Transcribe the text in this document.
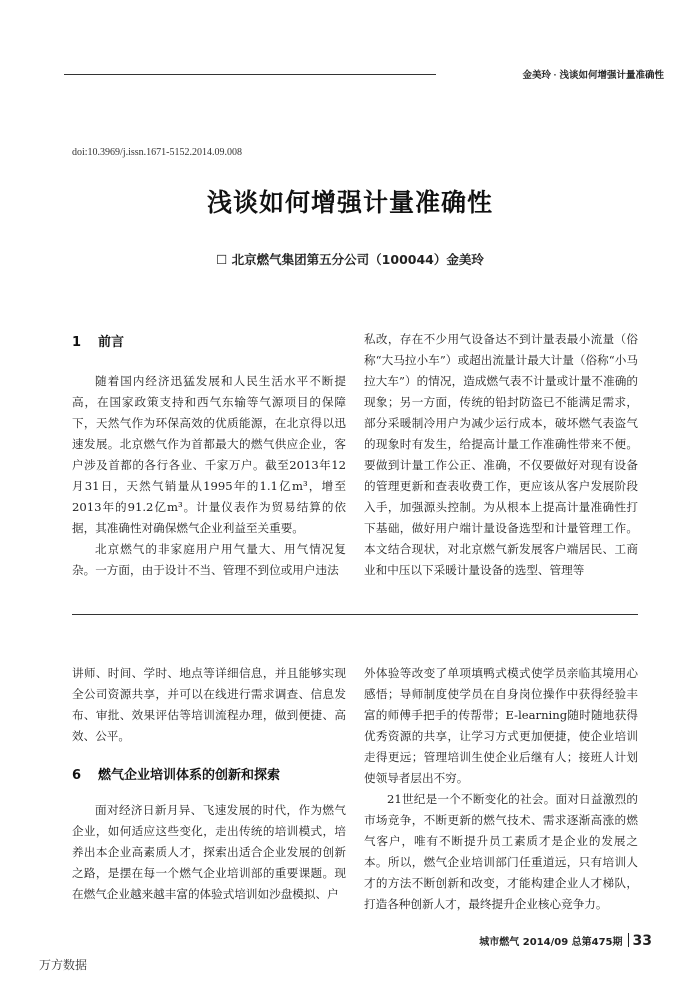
金美玲 · 浅谈如何增强计量准确性
doi:10.3969/j.issn.1671-5152.2014.09.008
浅谈如何增强计量准确性
☐ 北京燃气集团第五分公司（100044）金美玲
1 前言

随着国内经济迅猛发展和人民生活水平不断提高，在国家政策支持和西气东输等气源项目的保障下，天然气作为环保高效的优质能源，在北京得以迅速发展。北京燃气作为首都最大的燃气供应企业，客户涉及首都的各行各业、千家万户。截至2013年12月31日，天然气销量从1995年的1.1亿m³，增至2013年的91.2亿m³。计量仪表作为贸易结算的依据，其准确性对确保燃气企业利益至关重要。

北京燃气的非家庭用户用气量大、用气情况复杂。一方面，由于设计不当、管理不到位或用户违法

私改，存在不少用气设备达不到计量表最小流量（俗称“大马拉小车”）或超出流量计最大计量（俗称“小马拉大车”）的情况，造成燃气表不计量或计量不准确的现象；另一方面，传统的铅封防盗已不能满足需求，部分采暖制冷用户为减少运行成本，破坏燃气表盗气的现象时有发生，给提高计量工作准确性带来不便。要做到计量工作公正、准确，不仅要做好对现有设备的管理更新和查表收费工作，更应该从客户发展阶段入手，加强源头控制。为从根本上提高计量准确性打下基础，做好用户端计量设备选型和计量管理工作。本文结合现状，对北京燃气新发展客户端居民、工商业和中压以下采暖计量设备的选型、管理等

讲师、时间、学时、地点等详细信息，并且能够实现全公司资源共享，并可以在线进行需求调查、信息发布、审批、效果评估等培训流程办理，做到便捷、高效、公平。

6 燃气企业培训体系的创新和探索

面对经济日新月异、飞速发展的时代，作为燃气企业，如何适应这些变化，走出传统的培训模式，培养出本企业高素质人才，探索出适合企业发展的创新之路，是摆在每一个燃气企业培训部的重要课题。现在燃气企业越来越丰富的体验式培训如沙盘模拟、户

外体验等改变了单项填鸭式模式使学员亲临其境用心感悟；导师制度使学员在自身岗位操作中获得经验丰富的师傅手把手的传帮带；E-learning随时随地获得优秀资源的共享，让学习方式更加便捷，使企业培训走得更远；管理培训生使企业后继有人；接班人计划使领导者层出不穷。

21世纪是一个不断变化的社会。面对日益激烈的市场竞争，不断更新的燃气技术、需求逐渐高涨的燃气客户，唯有不断提升员工素质才是企业的发展之本。所以，燃气企业培训部门任重道远，只有培训人才的方法不断创新和改变，才能构建企业人才梯队，打造各种创新人才，最终提升企业核心竞争力。

城市燃气 2014/09 总第475期 33
万方数据
